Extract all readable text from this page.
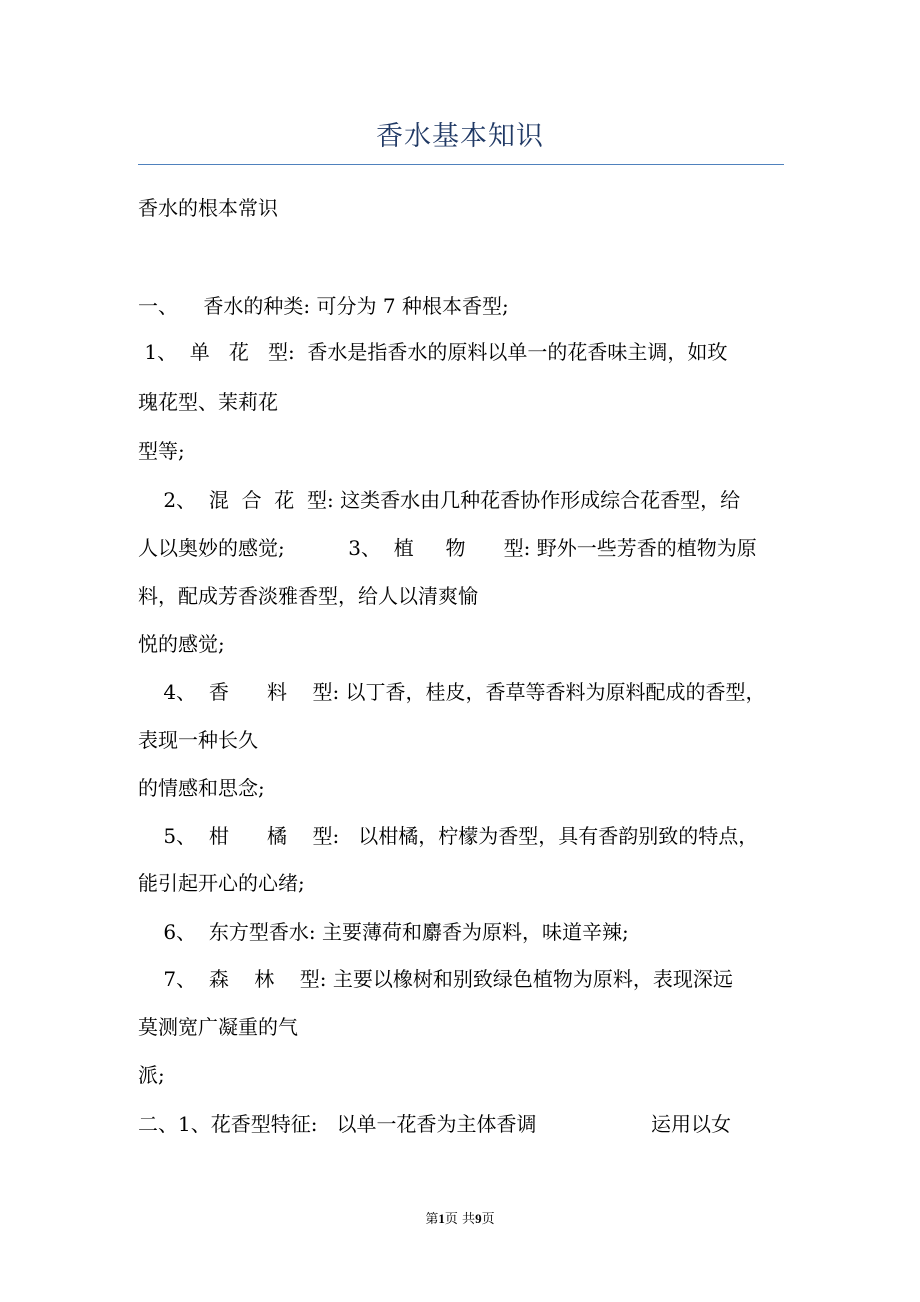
香水基本知识

香水的根本常识

一、    香水的种类: 可分为 7 种根本香型;

1、  单   花   型:  香水是指香水的原料以单一的花香味主调，如玫

瑰花型、茉莉花

型等;

2、  混  合  花  型: 这类香水由几种花香协作形成综合花香型，给

人以奥妙的感觉;          3、  植     物      型: 野外一些芳香的植物为原

料，配成芳香淡雅香型，给人以清爽愉

悦的感觉;

4、  香      料    型: 以丁香，桂皮，香草等香料为原料配成的香型，

表现一种长久

的情感和思念;

5、  柑      橘    型:   以柑橘，柠檬为香型，具有香韵别致的特点，

能引起开心的心绪;

6、  东方型香水: 主要薄荷和麝香为原料，味道辛辣;

7、  森    林    型: 主要以橡树和别致绿色植物为原料，表现深远

莫测宽广凝重的气

派;

二、1、花香型特征:   以单一花香为主体香调                  运用以女

第1页 共9页
